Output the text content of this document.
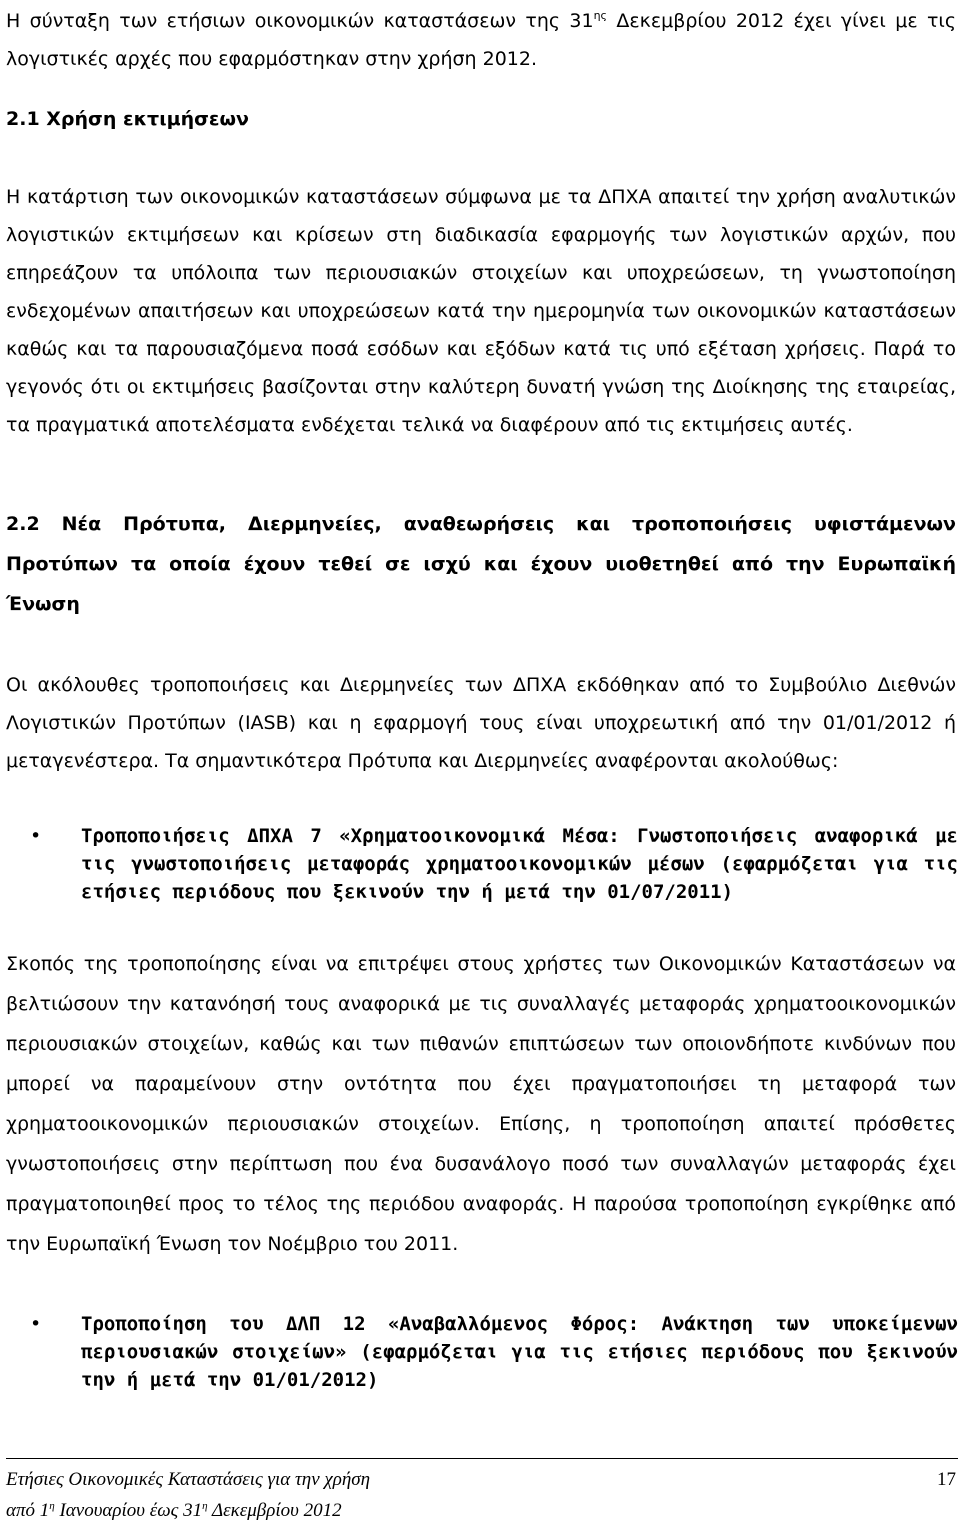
Η σύνταξη των ετήσιων οικονομικών καταστάσεων της $31^{\eta\varsigma}$ Δεκεμβρίου 2012 έχει γίνει με τις λογιστικές αρχές που εφαρμόστηκαν στην χρήση 2012.

2.1 Χρήση εκτιμήσεων

Η κατάρτιση των οικονομικών καταστάσεων σύμφωνα με τα ΔΠΧΑ απαιτεί την χρήση αναλυτικών λογιστικών εκτιμήσεων και κρίσεων στη διαδικασία εφαρμογής των λογιστικών αρχών, που επηρεάζουν τα υπόλοιπα των περιουσιακών στοιχείων και υποχρεώσεων, τη γνωστοποίηση ενδεχομένων απαιτήσεων και υποχρεώσεων κατά την ημερομηνία των οικονομικών καταστάσεων καθώς και τα παρουσιαζόμενα ποσά εσόδων και εξόδων κατά τις υπό εξέταση χρήσεις. Παρά το γεγονός ότι οι εκτιμήσεις βασίζονται στην καλύτερη δυνατή γνώση της Διοίκησης της εταιρείας, τα πραγματικά αποτελέσματα ενδέχεται τελικά να διαφέρουν από τις εκτιμήσεις αυτές.

2.2 Νέα Πρότυπα, Διερμηνείες, αναθεωρήσεις και τροποποιήσεις υφιστάμενων Προτύπων τα οποία έχουν τεθεί σε ισχύ και έχουν υιοθετηθεί από την Ευρωπαϊκή Ένωση

Οι ακόλουθες τροποποιήσεις και Διερμηνείες των ΔΠΧΑ εκδόθηκαν από το Συμβούλιο Διεθνών Λογιστικών Προτύπων (IASB) και η εφαρμογή τους είναι υποχρεωτική από την 01/01/2012 ή μεταγενέστερα. Τα σημαντικότερα Πρότυπα και Διερμηνείες αναφέρονται ακολούθως:

• Τροποποιήσεις ΔΠΧΑ 7 «Χρηματοοικονομικά Μέσα: Γνωστοποιήσεις αναφορικά με τις γνωστοποιήσεις μεταφοράς χρηματοοικονομικών μέσων (εφαρμόζεται για τις ετήσιες περιόδους που ξεκινούν την ή μετά την 01/07/2011)

Σκοπός της τροποποίησης είναι να επιτρέψει στους χρήστες των Οικονομικών Καταστάσεων να βελτιώσουν την κατανόησή τους αναφορικά με τις συναλλαγές μεταφοράς χρηματοοικονομικών περιουσιακών στοιχείων, καθώς και των πιθανών επιπτώσεων των οποιονδήποτε κινδύνων που μπορεί να παραμείνουν στην οντότητα που έχει πραγματοποιήσει τη μεταφορά των χρηματοοικονομικών περιουσιακών στοιχείων. Επίσης, η τροποποίηση απαιτεί πρόσθετες γνωστοποιήσεις στην περίπτωση που ένα δυσανάλογο ποσό των συναλλαγών μεταφοράς έχει πραγματοποιηθεί προς το τέλος της περιόδου αναφοράς. Η παρούσα τροποποίηση εγκρίθηκε από την Ευρωπαϊκή Ένωση τον Νοέμβριο του 2011.

• Τροποποίηση του ΔΛΠ 12 «Αναβαλλόμενος Φόρος: Ανάκτηση των υποκείμενων περιουσιακών στοιχείων» (εφαρμόζεται για τις ετήσιες περιόδους που ξεκινούν την ή μετά την 01/01/2012)
Ετήσιες Οικονομικές Καταστάσεις για την χρήση
από $1^\eta$ Ιανουαρίου έως $31^\eta$ Δεκεμβρίου 2012
17
